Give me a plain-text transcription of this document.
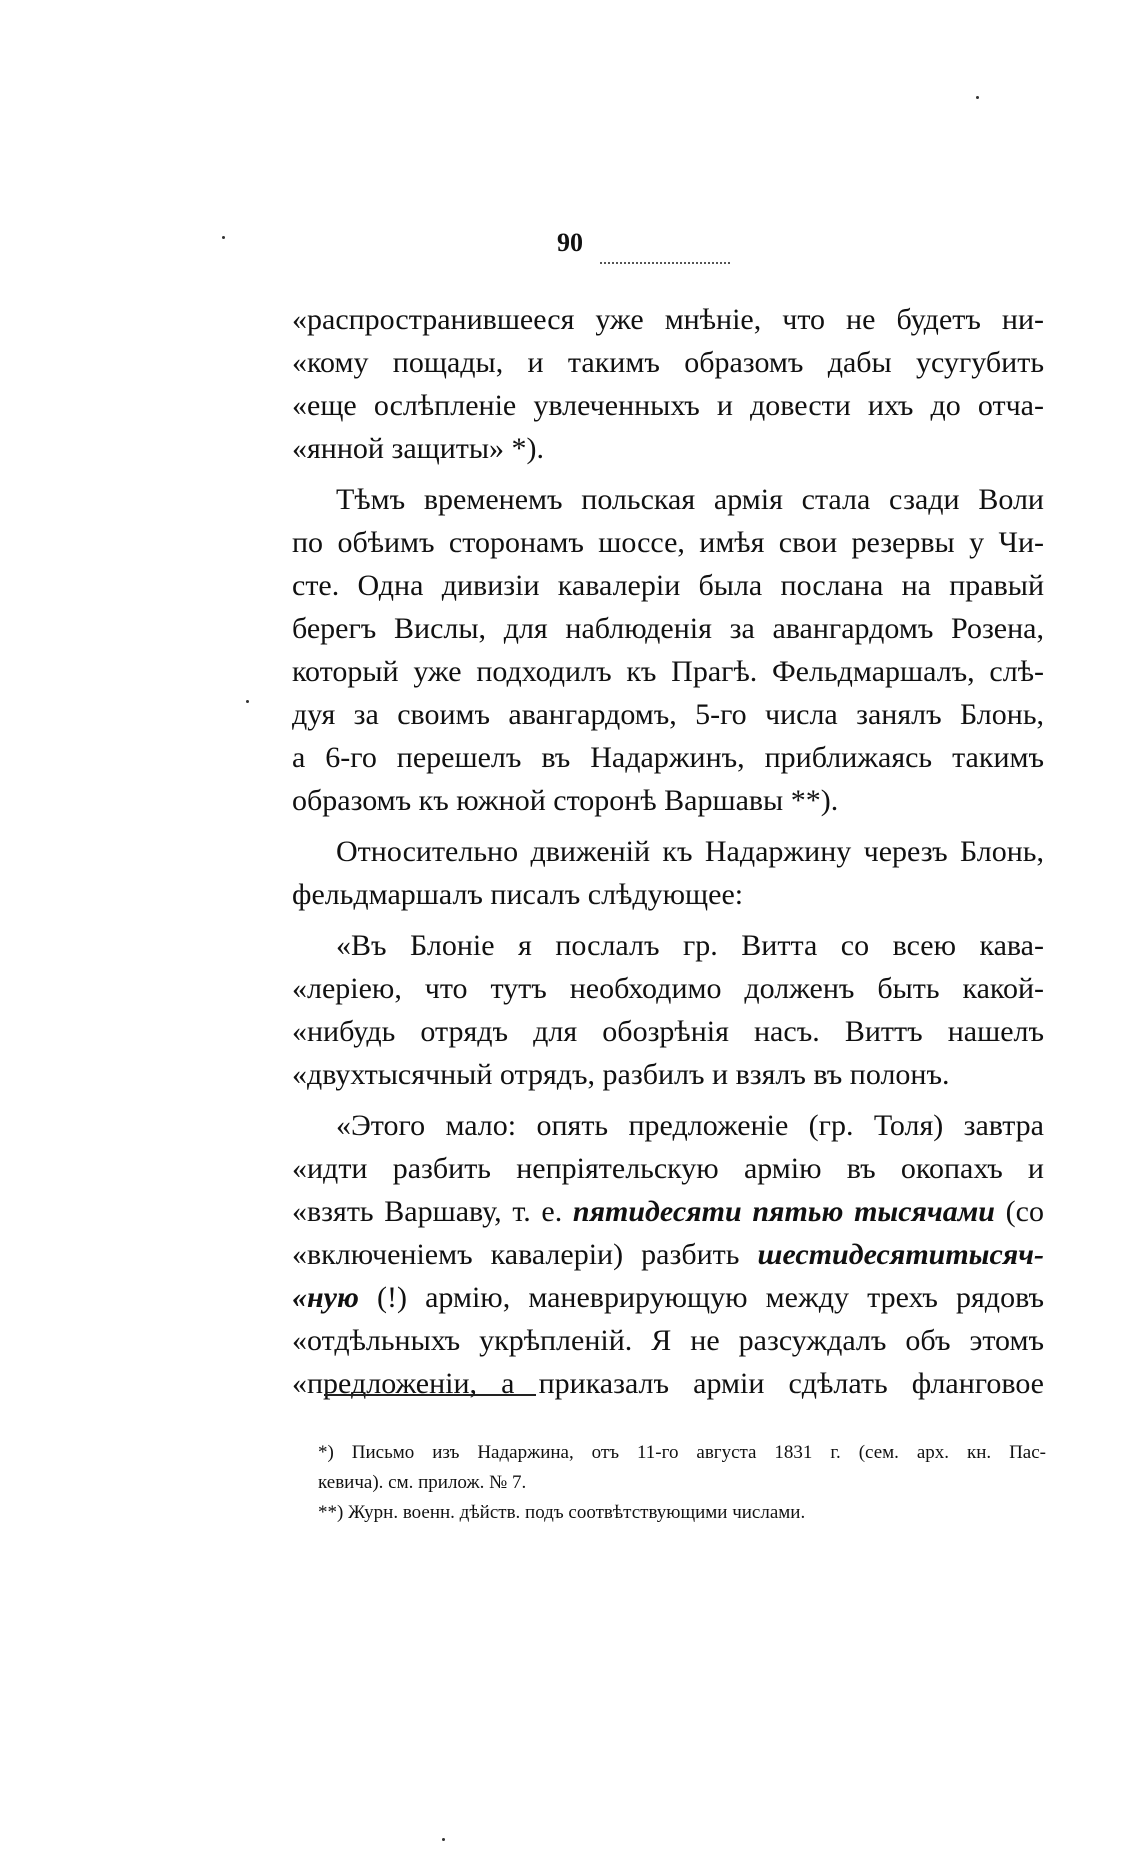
90
«распространившееся уже мнѣніе, что не будетъ ни-
«кому пощады, и такимъ образомъ дабы усугубить
«еще ослѣпленіе увлеченныхъ и довести ихъ до отча-
«янной защиты» *).
Тѣмъ временемъ польская армія стала сзади Воли
по обѣимъ сторонамъ шоссе, имѣя свои резервы у Чи-
сте. Одна дивизіи кавалеріи была послана на правый
берегъ Вислы, для наблюденія за авангардомъ Розена,
который уже подходилъ къ Прагѣ. Фельдмаршалъ, слѣ-
дуя за своимъ авангардомъ, 5-го числа занялъ Блонь,
а 6-го перешелъ въ Надаржинъ, приближаясь такимъ
образомъ къ южной сторонѣ Варшавы **).
Относительно движеній къ Надаржину черезъ Блонь,
фельдмаршалъ писалъ слѣдующее:
«Въ Блоніе я послалъ гр. Витта со всею кава-
«леріею, что тутъ необходимо долженъ быть какой-
«нибудь отрядъ для обозрѣнія насъ. Виттъ нашелъ
«двухтысячный отрядъ, разбилъ и взялъ въ полонъ.
«Этого мало: опять предложеніе (гр. Толя) завтра
«идти разбить непріятельскую армію въ окопахъ и
«взять Варшаву, т. е. пятидесяти пятью тысячами (со
«включеніемъ кавалеріи) разбить шестидесятитысяч-
«ную (!) армію, маневрирующую между трехъ рядовъ
«отдѣльныхъ укрѣпленій. Я не разсуждалъ объ этомъ
«предложеніи, а приказалъ арміи сдѣлать фланговое
*) Письмо изъ Надаржина, отъ 11-го августа 1831 г. (сем. арх. кн. Пас-
кевича). см. прилож. № 7.
**) Журн. военн. дѣйств. подъ соотвѣтствующими числами.
